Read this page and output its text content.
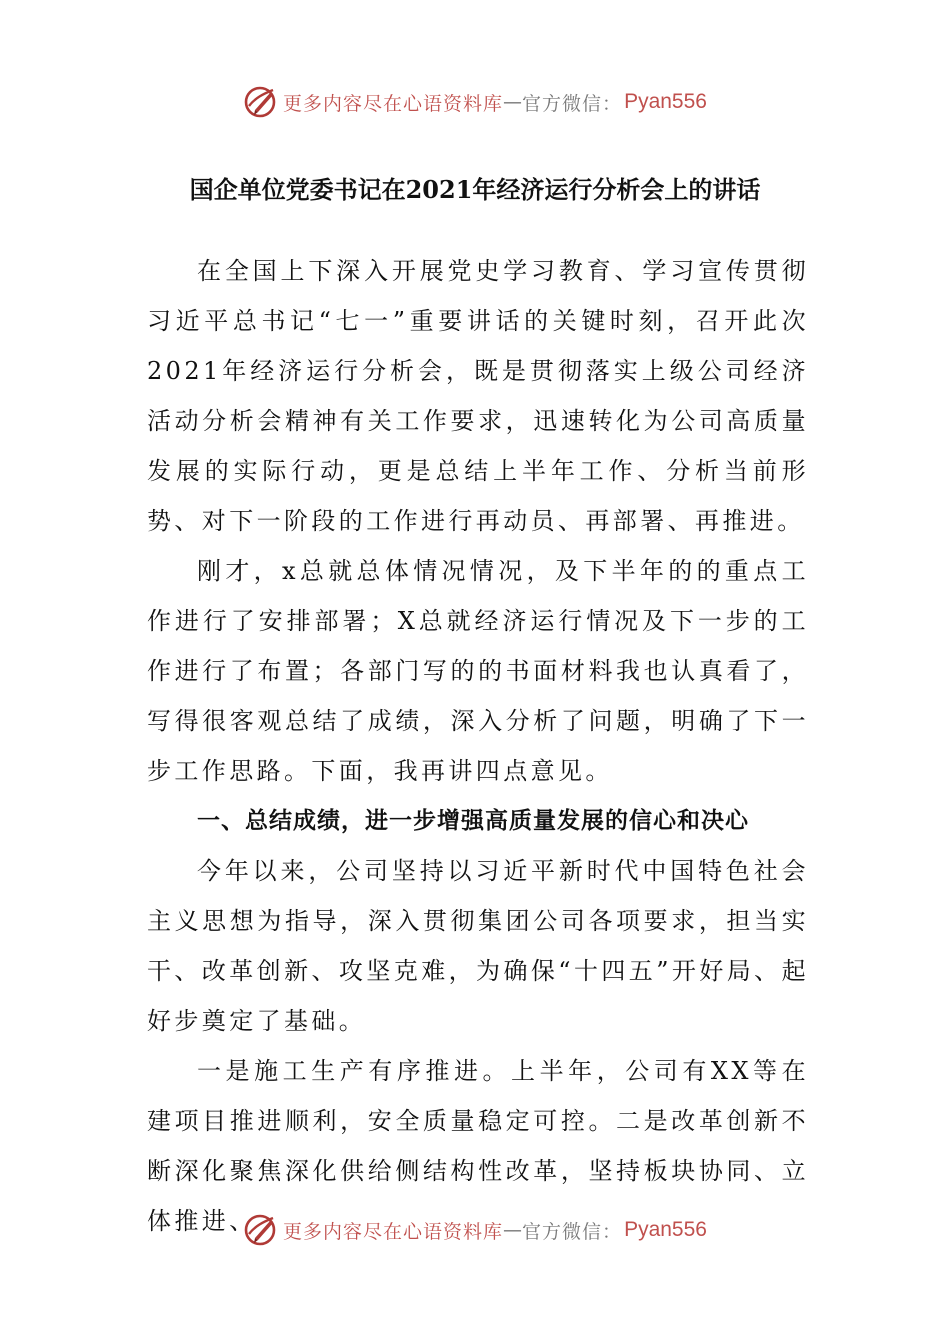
更多内容尽在心语资料库 — 官方微信： Pyan556
国企单位党委书记在2021年经济运行分析会上的讲话

在全国上下深入开展党史学习教育、学习宣传贯彻习近平总书记“七一”重要讲话的关键时刻，召开此次2021年经济运行分析会，既是贯彻落实上级公司经济活动分析会精神有关工作要求，迅速转化为公司高质量发展的实际行动，更是总结上半年工作、分析当前形势、对下一阶段的工作进行再动员、再部署、再推进。

刚才，x总就总体情况情况，及下半年的的重点工作进行了安排部署；X总就经济运行情况及下一步的工作进行了布置；各部门写的的书面材料我也认真看了，写得很客观总结了成绩，深入分析了问题，明确了下一步工作思路。下面，我再讲四点意见。

一、总结成绩，进一步增强高质量发展的信心和决心

今年以来，公司坚持以习近平新时代中国特色社会主义思想为指导，深入贯彻集团公司各项要求，担当实干、改革创新、攻坚克难，为确保“十四五”开好局、起好步奠定了基础。

一是施工生产有序推进。上半年，公司有XX等在建项目推进顺利，安全质量稳定可控。二是改革创新不断深化聚焦深化供给侧结构性改革，坚持板块协同、立体推进、	更多内容尽在心语资料库 — 官方微信： Pyan556
